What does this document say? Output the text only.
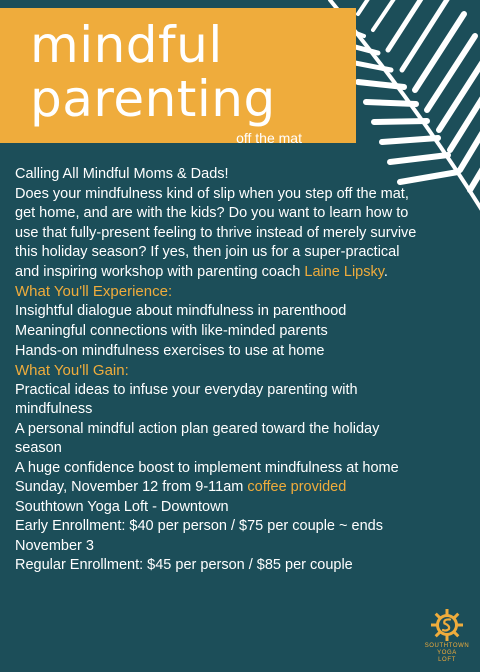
mindful
parenting
off the mat

Calling All Mindful Moms & Dads!

Does your mindfulness kind of slip when you step off the mat, get home, and are with the kids? Do you want to learn how to use that fully-present feeling to thrive instead of merely survive this holiday season? If yes, then join us for a super-practical and inspiring workshop with parenting coach Laine Lipsky.

What You'll Experience:

Insightful dialogue about mindfulness in parenthood

Meaningful connections with like-minded parents

Hands-on mindfulness exercises to use at home

What You'll Gain:

Practical ideas to infuse your everyday parenting with mindfulness

A personal mindful action plan geared toward the holiday season

A huge confidence boost to implement mindfulness at home

Sunday, November 12 from 9-11am coffee provided

Southtown Yoga Loft - Downtown

Early Enrollment: $40 per person / $75 per couple ~ ends November 3

Regular Enrollment: $45 per person / $85 per couple

SOUTHTOWN
YOGA
LOFT
